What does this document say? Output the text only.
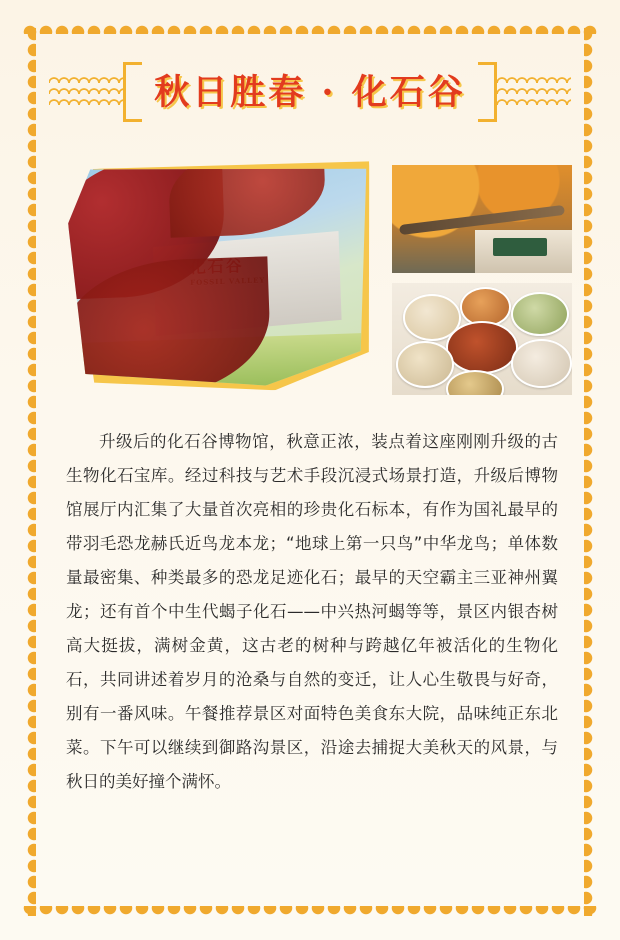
秋日胜春 · 化石谷
升级后的化石谷博物馆，秋意正浓，装点着这座刚刚升级的古生物化石宝库。经过科技与艺术手段沉浸式场景打造，升级后博物馆展厅内汇集了大量首次亮相的珍贵化石标本，有作为国礼最早的带羽毛恐龙赫氏近鸟龙本龙；“地球上第一只鸟”中华龙鸟；单体数量最密集、种类最多的恐龙足迹化石；最早的天空霸主三亚神州翼龙；还有首个中生代蝎子化石——中兴热河蝎等等，景区内银杏树高大挺拔，满树金黄，这古老的树种与跨越亿年被活化的生物化石，共同讲述着岁月的沧桑与自然的变迁，让人心生敬畏与好奇，别有一番风味。午餐推荐景区对面特色美食东大院，品味纯正东北菜。下午可以继续到御路沟景区，沿途去捕捉大美秋天的风景，与秋日的美好撞个满怀。
